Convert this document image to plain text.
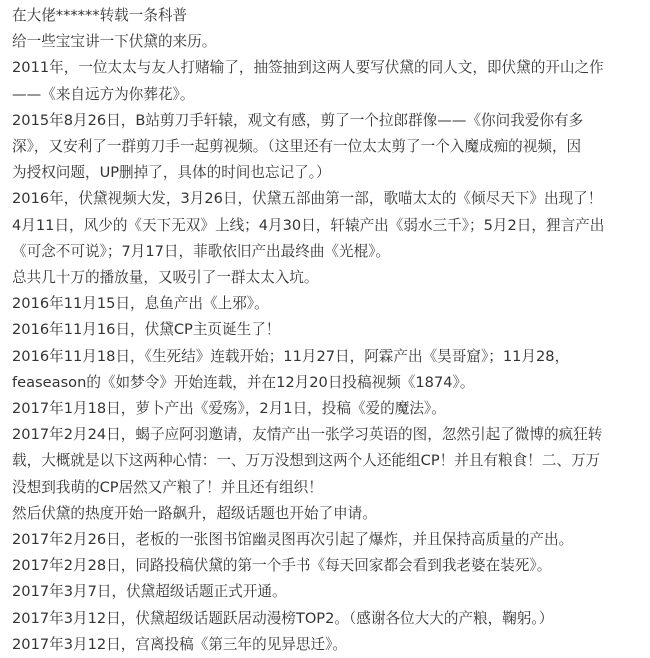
在大佬******转载一条科普

给一些宝宝讲一下伏黛的来历。

2011年，一位太太与友人打赌输了，抽签抽到这两人要写伏黛的同人文，即伏黛的开山之作

——《来自远方为你葬花》。

2015年8月26日，B站剪刀手轩辕，观文有感，剪了一个拉郎群像——《你问我爱你有多

深》，又安利了一群剪刀手一起剪视频。（这里还有一位太太剪了一个入魔成痴的视频，因

为授权问题，UP删掉了，具体的时间也忘记了。）

2016年，伏黛视频大发，3月26日，伏黛五部曲第一部，歌喵太太的《倾尽天下》出现了！

4月11日，风少的《天下无双》上线；4月30日，轩辕产出《弱水三千》；5月2日，狸言产出

《可念不可说》；7月17日，菲歌依旧产出最终曲《光棍》。

总共几十万的播放量，又吸引了一群太太入坑。

2016年11月15日，息鱼产出《上邪》。

2016年11月16日，伏黛CP主页诞生了！

2016年11月18日，《生死结》连载开始；11月27日，阿霖产出《昊哥窟》；11月28，

feaseason的《如梦令》开始连载，并在12月20日投稿视频《1874》。

2017年1月18日，萝卜产出《爱殇》，2月1日，投稿《爱的魔法》。

2017年2月24日，蝎子应阿羽邀请，友情产出一张学习英语的图，忽然引起了微博的疯狂转

载，大概就是以下这两种心情：一、万万没想到这两个人还能组CP！并且有粮食！二、万万

没想到我萌的CP居然又产粮了！并且还有组织！

然后伏黛的热度开始一路飙升，超级话题也开始了申请。

2017年2月26日，老板的一张图书馆幽灵图再次引起了爆炸，并且保持高质量的产出。

2017年2月28日，同路投稿伏黛的第一个手书《每天回家都会看到我老婆在装死》。

2017年3月7日，伏黛超级话题正式开通。

2017年3月12日，伏黛超级话题跃居动漫榜TOP2。（感谢各位大大的产粮，鞠躬。）

2017年3月12日，宫离投稿《第三年的见异思迁》。
